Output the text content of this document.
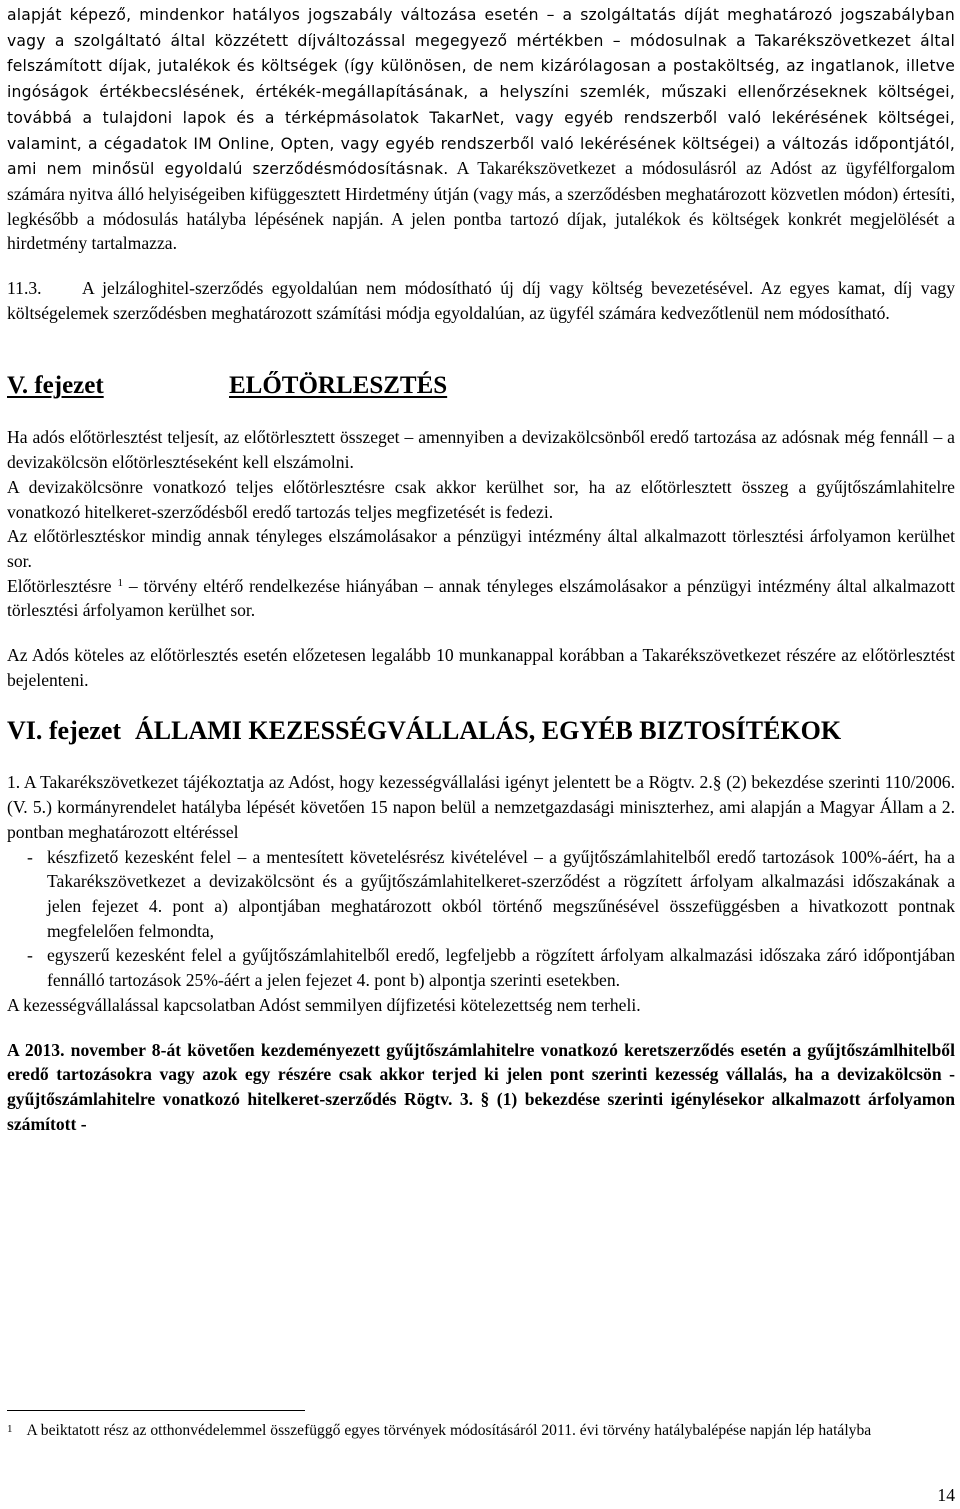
alapját képező, mindenkor hatályos jogszabály változása esetén – a szolgáltatás díját meghatározó jogszabályban vagy a szolgáltató által közzétett díjváltozással megegyező mértékben – módosulnak a Takarékszövetkezet által felszámított díjak, jutalékok és költségek (így különösen, de nem kizárólagosan a postaköltség, az ingatlanok, illetve ingóságok értékbecslésének, értékék-megállapításának, a helyszíni szemlék, műszaki ellenőrzéseknek költségei, továbbá a tulajdoni lapok és a térképmásolatok TakarNet, vagy egyéb rendszerből való lekérésének költségei, valamint, a cégadatok IM Online, Opten, vagy egyéb rendszerből való lekérésének költségei) a változás időpontjától, ami nem minősül egyoldalú szerződésmódosításnak. A Takarékszövetkezet a módosulásról az Adóst az ügyfélforgalom számára nyitva álló helyiségeiben kifüggesztett Hirdetmény útján (vagy más, a szerződésben meghatározott közvetlen módon) értesíti, legkésőbb a módosulás hatályba lépésének napján. A jelen pontba tartozó díjak, jutalékok és költségek konkrét megjelölését a hirdetmény tartalmazza.

11.3. A jelzáloghitel-szerződés egyoldalúan nem módosítható új díj vagy költség bevezetésével. Az egyes kamat, díj vagy költségelemek szerződésben meghatározott számítási módja egyoldalúan, az ügyfél számára kedvezőtlenül nem módosítható.

V. fejezet	ELŐTÖRLESZTÉS

Ha adós előtörlesztést teljesít, az előtörlesztett összeget – amennyiben a devizakölcsönből eredő tartozása az adósnak még fennáll – a devizakölcsön előtörlesztéseként kell elszámolni.

A devizakölcsönre vonatkozó teljes előtörlesztésre csak akkor kerülhet sor, ha az előtörlesztett összeg a gyűjtőszámlahitelre vonatkozó hitelkeret-szerződésből eredő tartozás teljes megfizetését is fedezi.

Az előtörlesztéskor mindig annak tényleges elszámolásakor a pénzügyi intézmény által alkalmazott törlesztési árfolyamon kerülhet sor.

Előtörlesztésre $^1$ – törvény eltérő rendelkezése hiányában – annak tényleges elszámolásakor a pénzügyi intézmény által alkalmazott törlesztési árfolyamon kerülhet sor.

Az Adós köteles az előtörlesztés esetén előzetesen legalább 10 munkanappal korábban a Takarékszövetkezet részére az előtörlesztést bejelenteni.

VI. fejezet ÁLLAMI KEZESSÉGVÁLLALÁS, EGYÉB BIZTOSÍTÉKOK

1. A Takarékszövetkezet tájékoztatja az Adóst, hogy kezességvállalási igényt jelentett be a Rögtv. 2.§ (2) bekezdése szerinti 110/2006. (V. 5.) kormányrendelet hatályba lépését követően 15 napon belül a nemzetgazdasági miniszterhez, ami alapján a Magyar Állam a 2. pontban meghatározott eltéréssel

- készfizető kezesként felel – a mentesített követelésrész kivételével – a gyűjtőszámlahitelből eredő tartozások 100%-áért, ha a Takarékszövetkezet a devizakölcsönt és a gyűjtőszámlahitelkeret-szerződést a rögzített árfolyam alkalmazási időszakának a jelen fejezet 4. pont a) alpontjában meghatározott okból történő megszűnésével összefüggésben a hivatkozott pontnak megfelelően felmondta,
- egyszerű kezesként felel a gyűjtőszámlahitelből eredő, legfeljebb a rögzített árfolyam alkalmazási időszaka záró időpontjában fennálló tartozások 25%-áért a jelen fejezet 4. pont b) alpontja szerinti esetekben.

A kezességvállalással kapcsolatban Adóst semmilyen díjfizetési kötelezettség nem terheli.

A 2013. november 8-át követően kezdeményezett gyűjtőszámlahitelre vonatkozó keretszerződés esetén a gyűjtőszámlhitelből eredő tartozásokra vagy azok egy részére csak akkor terjed ki jelen pont szerinti kezesség vállalás, ha a devizakölcsön - gyűjtőszámlahitelre vonatkozó hitelkeret-szerződés Rögtv. 3. § (1) bekezdése szerinti igénylésekor alkalmazott árfolyamon számított -

$^1$ A beiktatott rész az otthonvédelemmel összefüggő egyes törvények módosításáról 2011. évi törvény hatálybalépése napján lép hatályba
14
